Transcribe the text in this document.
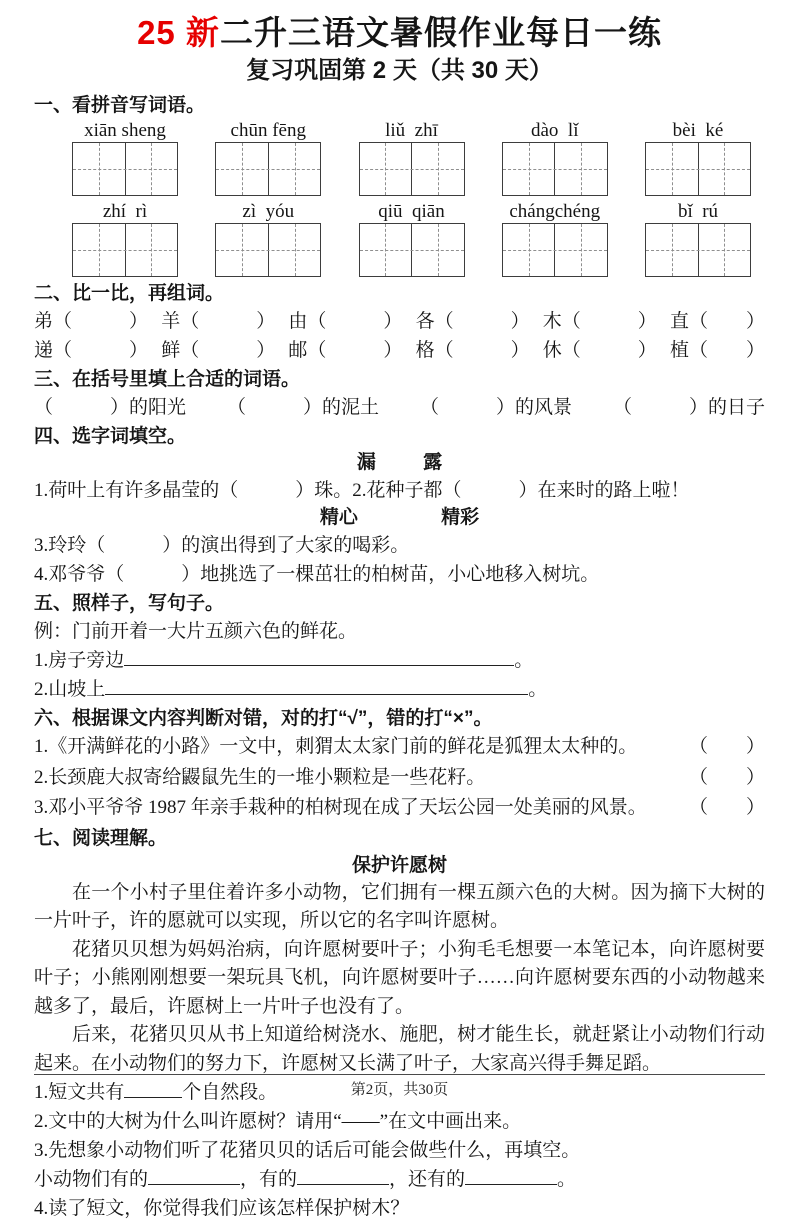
25 新二升三语文暑假作业每日一练
复习巩固第 2 天（共 30 天）
一、看拼音写词语。
xiān sheng	chūn fēng	liǔ  zhī	dào  lǐ	bèi  ké
zhí  rì	zì  yóu	qiū  qiān	chángchéng	bǐ  rú
二、比一比，再组词。
弟（　　　） 羊（　　　） 由（　　　） 各（　　　） 木（　　　） 直（　　）
递（　　　） 鲜（　　　） 邮（　　　） 格（　　　） 休（　　　） 植（　　）
三、在括号里填上合适的词语。
（　　　）的阳光 （　　　）的泥土 （　　　）的风景 （　　　）的日子
四、选字词填空。
漏 露
1.荷叶上有许多晶莹的（　　　）珠。2.花种子都（　　　）在来时的路上啦！
精心	精彩
3.玲玲（　　　）的演出得到了大家的喝彩。
4.邓爷爷（　　　）地挑选了一棵茁壮的柏树苗，小心地移入树坑。
五、照样子，写句子。
例：门前开着一大片五颜六色的鲜花。
1.房子旁边	。
2.山坡上	。
六、根据课文内容判断对错，对的打“√”，错的打“×”。
1.《开满鲜花的小路》一文中，刺猬太太家门前的鲜花是狐狸太太种的。	（　　）
2.长颈鹿大叔寄给鼹鼠先生的一堆小颗粒是一些花籽。	（　　）
3.邓小平爷爷 1987 年亲手栽种的柏树现在成了天坛公园一处美丽的风景。 （　　）
七、阅读理解。
保护许愿树

在一个小村子里住着许多小动物，它们拥有一棵五颜六色的大树。因为摘下大树的一片叶子，许的愿就可以实现，所以它的名字叫许愿树。

花猪贝贝想为妈妈治病，向许愿树要叶子；小狗毛毛想要一本笔记本，向许愿树要叶子；小熊刚刚想要一架玩具飞机，向许愿树要叶子……向许愿树要东西的小动物越来越多了，最后，许愿树上一片叶子也没有了。

后来，花猪贝贝从书上知道给树浇水、施肥，树才能生长，就赶紧让小动物们行动起来。在小动物们的努力下，许愿树又长满了叶子，大家高兴得手舞足蹈。

1.短文共有	个自然段。
2.文中的大树为什么叫许愿树？请用“——”在文中画出来。
3.先想象小动物们听了花猪贝贝的话后可能会做些什么，再填空。
小动物们有的	，有的	，还有的	。
4.读了短文，你觉得我们应该怎样保护树木？
第2页，共30页
